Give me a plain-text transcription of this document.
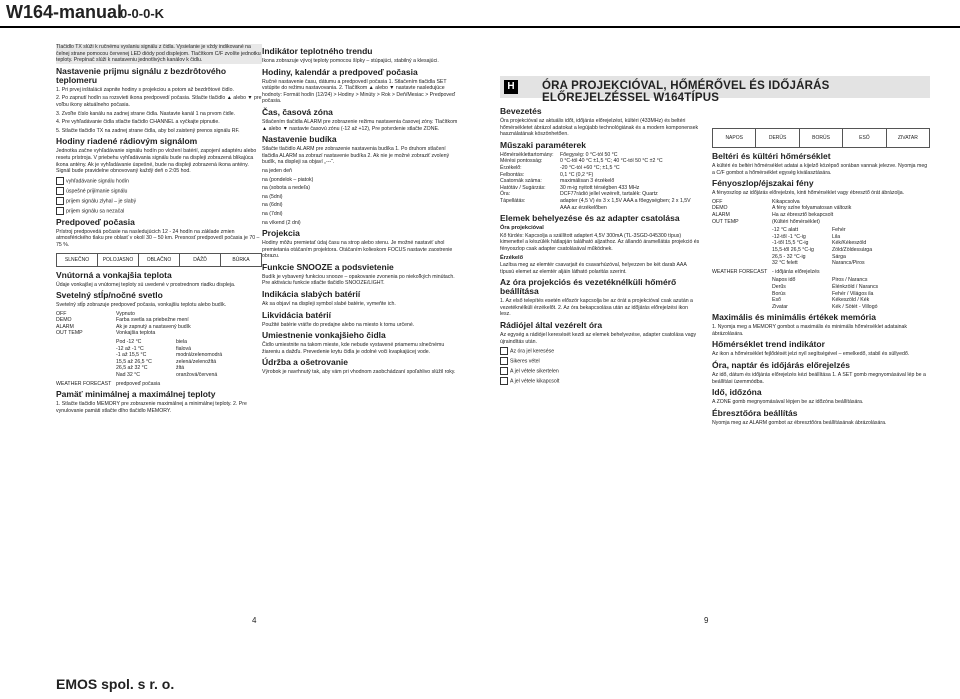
W164-manual
0-0-0-K

Tlačidlo TX slúži k ručnému vyslaniu signálu z čidla. Vysielanie je vždy indikované na čelnej strane pomocou červenej LED diódy pod displejom. Tlačítkom C/F zvolíte jednotku teploty. Prepínač slúži k nastaveniu jednotlivých kanálov k čidlu.

Nastavenie prijmu signálu z bezdrôtového teplomeru

1. Pri prvej inštalácii zapnite hodiny s projekciou a potom až bezdrôtové čidlo.

2. Po zapnutí hodín sa rozsvieti ikona predpovedí počasia. Stlačte tlačidlo ▲ alebo ▼ pre voľbu ikony aktuálneho počasia.

3. Zvoľte číslo kanálu na zadnej strane čidla. Nastavte kanál 1 na prvom čidle.

4. Pre vyhľadávanie čidla stlačte tlačidlo CHANNEL a vyčkajte pipnutie.

5. Stlačte tlačidlo TX na zadnej strane čidla, aby bol zaistený prenos signálu RF.

Hodiny riadené rádiovým signálom

Jednotka začne vyhľadávanie signálu hodín po vložení batérií, zapojení adaptéru alebo resetu prístroja. V priebehu vyhľadávania signálu bude na displeji zobrazená blikajúca ikona antény. Ak je vyhľadávanie úspešné, bude na displeji zobrazená ikona antény. Signál bude pravidelne obnovovaný každý deň o 2:05 hod.

vyhľadávanie signálu hodín

úspešné prijímanie signálu

prijem signálu zlyhal – je slabý

prijem signálu sa nezačal

Predpoveď počasia

Prístroj predpovedá počasie na nasledujúcich 12 - 24 hodín na základe zmien atmosférického tlaku pre oblasť v okolí 30 – 50 km. Presnosť predpovedí počasia je 70 – 75 %.

SLNEČNO	POLOJASNO	OBLAČNO	DÁŽĎ	BÚRKA
Vnútorná a vonkajšia teplota

Údaje vonkajšej a vnútornej teploty sú uvedené v prostrednom riadku displeja.

Svetelný stĺp/nočné svetlo

Svetelný stĺp zobrazuje predpoveď počasia, vonkajšiu teplotu alebo budík.

OFF	Vypnuto
DEMO	Farba svetla sa priebežne mení
ALARM	Ak je zapnutý a nastavený budík
OUT TEMP	Vonkajšia teplota
Pod -12 °C	biela
-12 až -1 °C	fialová
-1 až 15,5 °C	modrá/zelenomodrá
15,5 až 26,5 °C	zelená/zelenožltá
26,5 až 32 °C	žltá
Nad 32 °C	oranžová/červená
WEATHER FORECAST predpoveď počasia
Pamäť minimálnej a maximálnej teploty

1. Stlačte tlačidlo MEMORY pre zobrazenie maximálnej a minimálnej teploty. 2. Pre vynulovanie pamäti stlačte dlho tlačidlo MEMORY.

Indikátor teplotného trendu

Ikona zobrazuje vývoj teploty pomocou šípky – stúpajúci, stabilný a klesajúci.

Hodiny, kalendár a predpoveď počasia

Ručné nastavenie času, dátumu a predpovedí počasia 1. Stlačením tlačidla SET vstúpite do režimu nastavovania. 2. Tlačítkom ▲ alebo ▼ nastavte nasledujúce hodnoty: Formát hodín (12/24) > Hodiny > Minúty > Rok > Deň/Mesiac > Predpoveď počasia.

Čas, časová zóna

Stlačením tlačidla ALARM pre zobrazenie režimu nastavenia časovej zóny. Tlačítkom ▲ alebo ▼ nastavte časovú zónu (-12 až +12), Pre potvrdenie stlačte ZONE.

Nastavenie budíka

Stlačte tlačidlo ALARM pre zobrazenie nastavenia budíka 1. Po druhom stlačení tlačidla ALARM sa zobrazí nastavenie budíka 2. Ak nie je možné zobraziť zvolený budík, na displeji sa objaví „---“.

na jeden deň

na (pondelok – piatok)

na (sobota a nedeľa)

na (5dni)

na (6dni)

na (7dni)

na víkend (2 dni)

Projekcia

Hodiny môžu premietať údaj času na strop alebo stenu. Je možné nastaviť uhol premietania otáčaním projektora. Otáčaním kolieskom FOCUS nastavte zaostrenie obrazu.

Funkcie SNOOZE a podsvietenie

Budík je vybavený funkciou snooze – opakovanie zvonenia po niekoľkých minútach. Pre aktiváciu funkcie stlačte tlačidlo SNOOZE/LIGHT.

Indikácia slabých batérií

Ak sa objaví na displeji symbol slabé batérie, vymeňte ich.

Likvidácia batérií

Použité batérie vráťte do predajne alebo na miesto k tomu určené.

Umiestnenie vonkajšieho čidla

Čidlo umiestnite na takom mieste, kde nebude vystavené priamemu slnečnému žiareniu a dažďu. Prevedenie krytu čidla je odolné voči kvapkajúcej vode.

Údržba a ošetrovanie

Výrobok je navrhnutý tak, aby vám pri vhodnom zaobchádzaní spoľahlivo slúžil roky.

H ÓRA PROJEKCIÓVAL, HŐMÉRŐVEL ÉS IDŐJÁRÁS ELŐREJELZÉSSEL W164TÍPUS
Bevezetés

Óra projekcióval az aktuális időt, időjárás előrejelzést, kültéri (433MHz) és beltéri hőmérsékletet ábrázol adatokat a legújabb technológiának és a modern komponensek használatának köszönhetően.

Műszaki paraméterek
Hőmérséklettartomány:	Főegység: 0 °C-tól 50 °C
Mérési pontosság:	0 °C-tól 40 °C ±1,5 °C; 40 °C-tól 50 °C ±2 °C
Érzékelő:	-20 °C-tól +60 °C; ±1,5 °C
Felbontás:	0,1 °C (0,2 °F)
Csatornák száma:	maximálisan 3 érzékelő
Hatótáv / Sugárzás:	30 m-ig nyitott térségben 433 MHz
Óra:	DCF77rádió jellel vezérelt, tartalék: Quartz
Tápellátás:	adapter (4,5 V) és 3 x 1,5V AAA a főegységben; 2 x 1,5V AAA az érzékelőben
Elemek behelyezése és az adapter csatolása

Óra projekcióval

Kő fürdés: Kapcsolja a szállított adaptert 4,5V 300mA (TL-3SGD-045300 típus) kimenettel a készülék hátlapján található aljzathoz. Az állandó áramellátás projekció és fényoszlop csak adapter csatolásával működnek.

Érzékelő

Lazítsa meg az elemtér csavarjait és csavarhúzóval, helyezzen be két darab AAA típusú elemet az elemtér aljáin látható polaritás szerint.

Az óra projekciós és vezetéknélküli hőmérő beállítása

1. Az első telepítés esetén először kapcsolja be az órát a projekcióval csak azután a vezetéknélküli érzékelőt. 2. Az óra bekapcsolása után az időjárás előrejelzési ikon lesz.

Rádiójel által vezérelt óra

Az egység a rádiójel keresését kezdi az elemek behelyezése, adapter csatolása vagy újraindítás után.

Az óra jel keresése

Sikeres vétel

A jel vétele sikertelen

A jel vétele kikapcsolt

NAPOS	DERŰS	BORÚS	ESŐ	ZIVATAR
Beltéri és kültéri hőmérséklet

A kültéri és beltéri hőmérséklet adatai a kijelző középső sorában vannak jelezve. Nyomja meg a C/F gombot a hőmérséklet egység kiválasztására.

Fényoszlop/éjszakai fény

A fényoszlop az időjárás előrejelzés, kinti hőmérséklet vagy ébresztő órát ábrázolja.

OFF	Kikapcsolva
DEMO	A fény színe folyamatosan változik
ALARM	Ha az ébresztő bekapcsolt
OUT TEMP	(Kültéri hőmérséklet)
-12 °C alatt	Fehér
-12-től -1 °C-ig	Lila
-1-től 15,5 °C-ig	Kék/Kékeszöld
15,5-től 26,5 °C-ig	Zöld/Zöldessárga
26,5 - 32 °C-ig	Sárga
32 °C felett	Narancs/Piros
WEATHER FORECAST - időjárás előrejelzés
Napos idő	Piros / Narancs
Derűs	Élénkzöld / Narancs
Borús	Fehér / Világos ila
Eső	Kékeszöld / Kék
Zivatar	Kék / Sötét - Villogó
Maximális és minimális értékek memória

1. Nyomja meg a MEMORY gombot a maximális és minimális hőmérséklet adatainak ábrázolására.

Hőmérséklet trend indikátor

Az ikon a hőmérséklet fejlődését jelzi nyíl segítségével – emelkedő, stabil és süllyedő.

Óra, naptár és időjárás előrejelzés

Az idő, dátum és időjárás előrejelzés kézi beállítása 1. A SET gomb megnyomásával lép be a beállítási üzemmódba.

Idő, időzóna

A ZONE gomb megnyomásával lépjen be az időzóna beállítására.

Ébresztőóra beállítás

Nyomja meg az ALARM gombot az ébresztőóra beállításának ábrázolására.

4	9
EMOS spol. s r. o.
